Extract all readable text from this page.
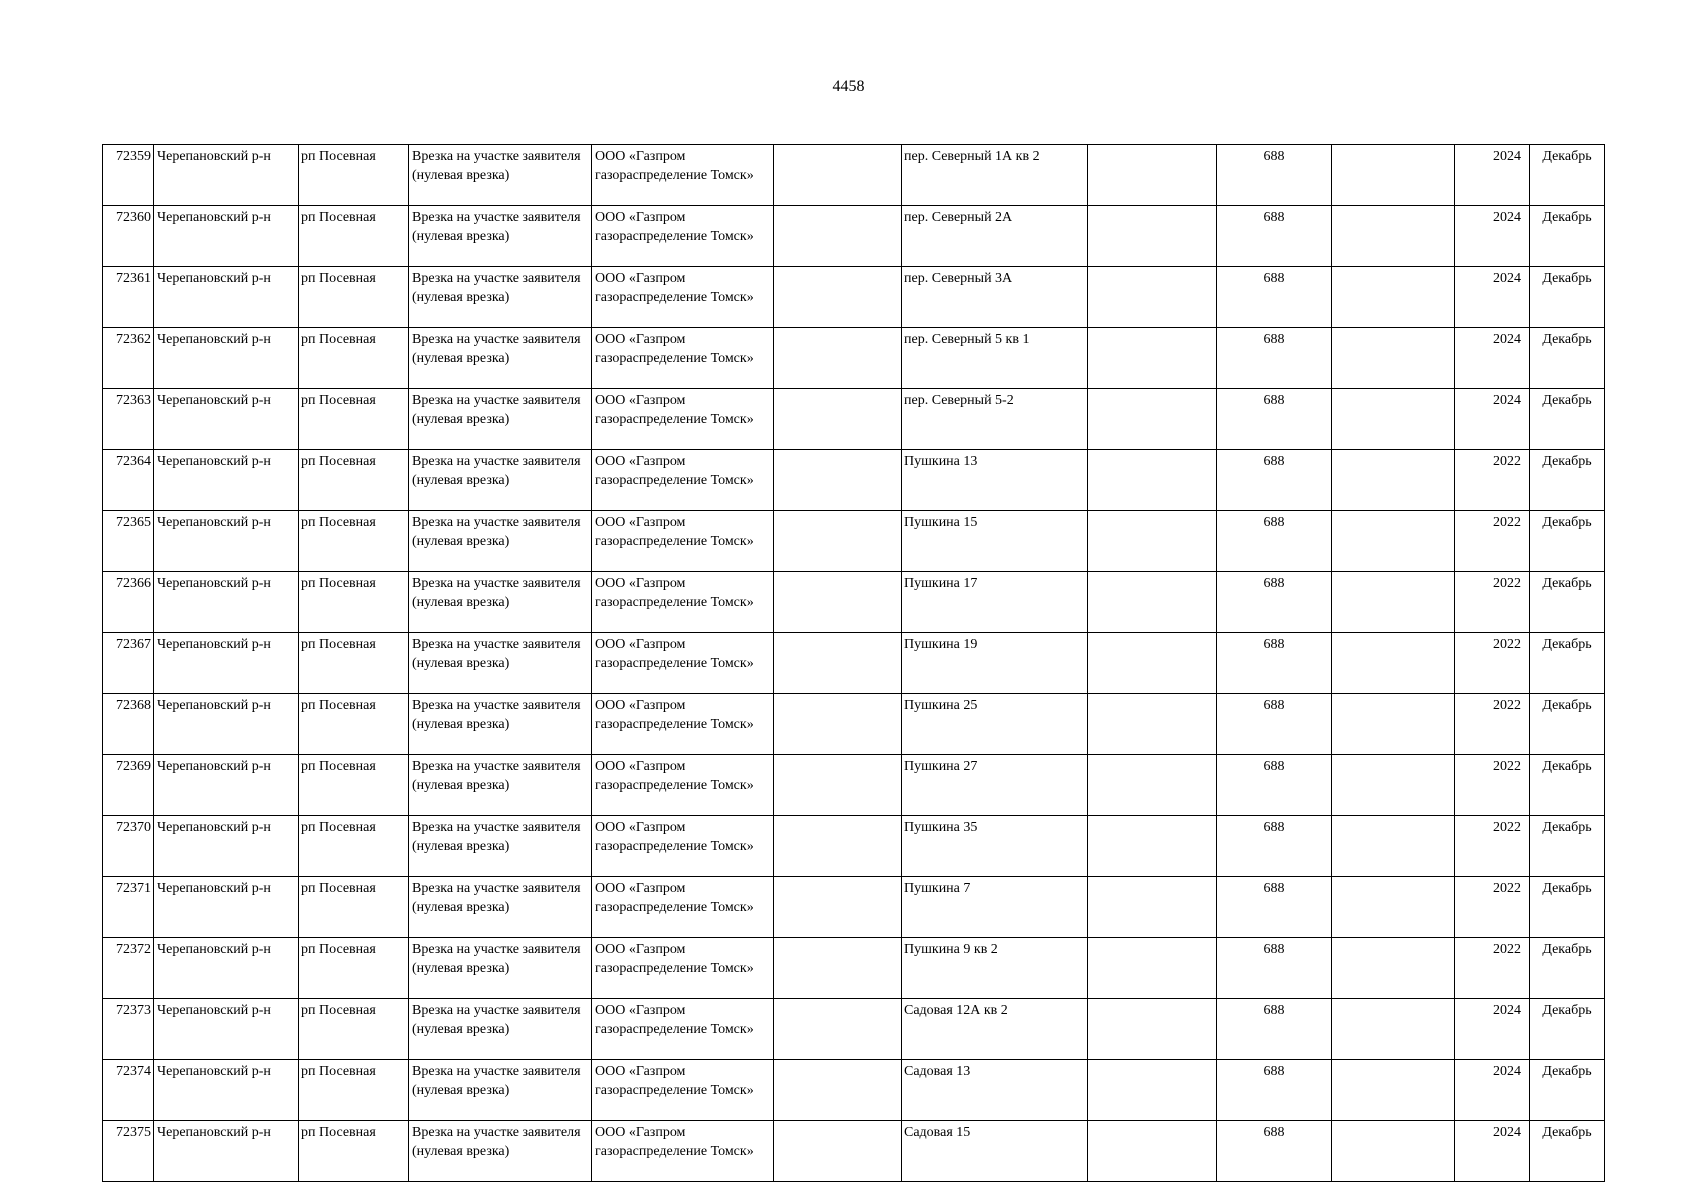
4458
72359	Черепановский р-н	рп Посевная	Врезка на участке заявителя (нулевая врезка)	ООО «Газпром газораспределение Томск»		пер. Северный 1А кв 2		688		2024	Декабрь
72360	Черепановский р-н	рп Посевная	Врезка на участке заявителя (нулевая врезка)	ООО «Газпром газораспределение Томск»		пер. Северный 2А		688		2024	Декабрь
72361	Черепановский р-н	рп Посевная	Врезка на участке заявителя (нулевая врезка)	ООО «Газпром газораспределение Томск»		пер. Северный 3А		688		2024	Декабрь
72362	Черепановский р-н	рп Посевная	Врезка на участке заявителя (нулевая врезка)	ООО «Газпром газораспределение Томск»		пер. Северный 5 кв 1		688		2024	Декабрь
72363	Черепановский р-н	рп Посевная	Врезка на участке заявителя (нулевая врезка)	ООО «Газпром газораспределение Томск»		пер. Северный 5-2		688		2024	Декабрь
72364	Черепановский р-н	рп Посевная	Врезка на участке заявителя (нулевая врезка)	ООО «Газпром газораспределение Томск»		Пушкина 13		688		2022	Декабрь
72365	Черепановский р-н	рп Посевная	Врезка на участке заявителя (нулевая врезка)	ООО «Газпром газораспределение Томск»		Пушкина 15		688		2022	Декабрь
72366	Черепановский р-н	рп Посевная	Врезка на участке заявителя (нулевая врезка)	ООО «Газпром газораспределение Томск»		Пушкина 17		688		2022	Декабрь
72367	Черепановский р-н	рп Посевная	Врезка на участке заявителя (нулевая врезка)	ООО «Газпром газораспределение Томск»		Пушкина 19		688		2022	Декабрь
72368	Черепановский р-н	рп Посевная	Врезка на участке заявителя (нулевая врезка)	ООО «Газпром газораспределение Томск»		Пушкина 25		688		2022	Декабрь
72369	Черепановский р-н	рп Посевная	Врезка на участке заявителя (нулевая врезка)	ООО «Газпром газораспределение Томск»		Пушкина 27		688		2022	Декабрь
72370	Черепановский р-н	рп Посевная	Врезка на участке заявителя (нулевая врезка)	ООО «Газпром газораспределение Томск»		Пушкина 35		688		2022	Декабрь
72371	Черепановский р-н	рп Посевная	Врезка на участке заявителя (нулевая врезка)	ООО «Газпром газораспределение Томск»		Пушкина 7		688		2022	Декабрь
72372	Черепановский р-н	рп Посевная	Врезка на участке заявителя (нулевая врезка)	ООО «Газпром газораспределение Томск»		Пушкина 9 кв 2		688		2022	Декабрь
72373	Черепановский р-н	рп Посевная	Врезка на участке заявителя (нулевая врезка)	ООО «Газпром газораспределение Томск»		Садовая 12А кв 2		688		2024	Декабрь
72374	Черепановский р-н	рп Посевная	Врезка на участке заявителя (нулевая врезка)	ООО «Газпром газораспределение Томск»		Садовая 13		688		2024	Декабрь
72375	Черепановский р-н	рп Посевная	Врезка на участке заявителя (нулевая врезка)	ООО «Газпром газораспределение Томск»		Садовая 15		688		2024	Декабрь
